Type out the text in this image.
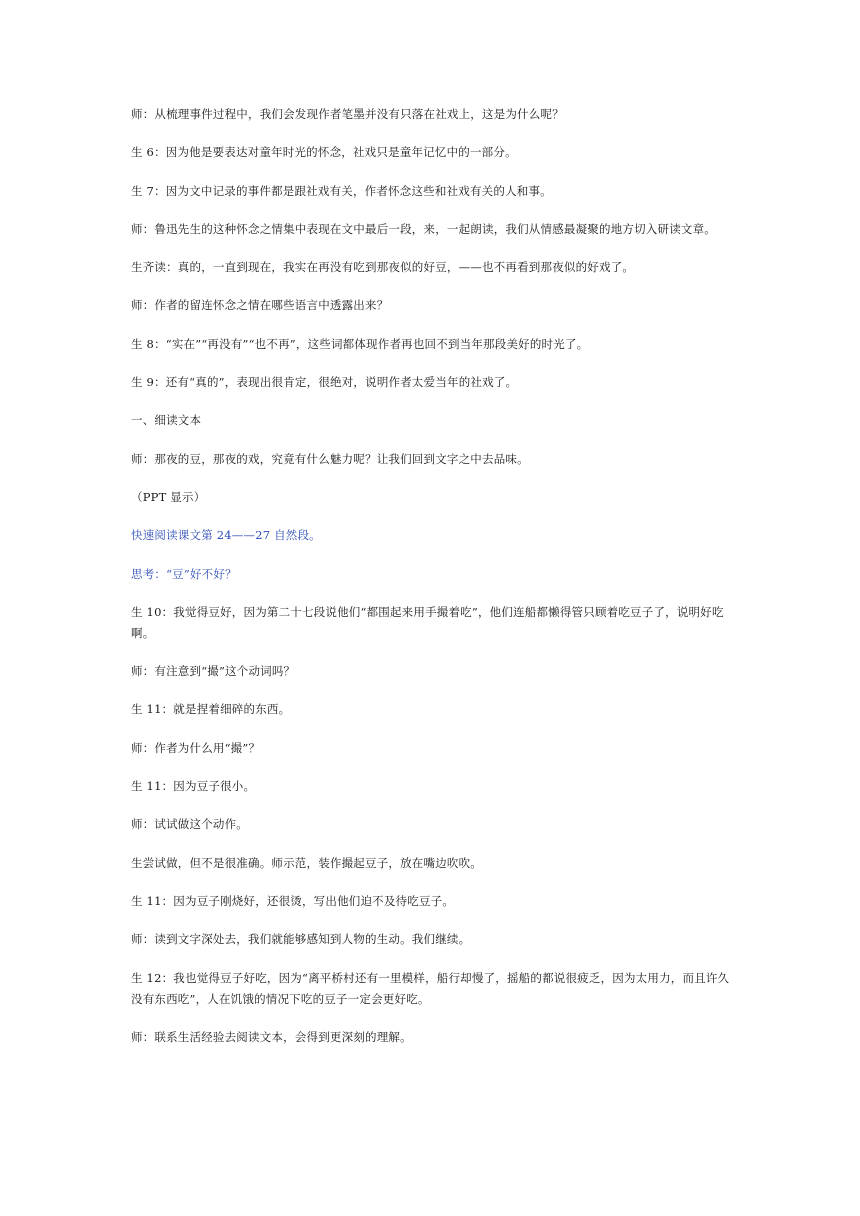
师：从梳理事件过程中，我们会发现作者笔墨并没有只落在社戏上，这是为什么呢？

生 6：因为他是要表达对童年时光的怀念，社戏只是童年记忆中的一部分。

生 7：因为文中记录的事件都是跟社戏有关，作者怀念这些和社戏有关的人和事。

师：鲁迅先生的这种怀念之情集中表现在文中最后一段，来，一起朗读，我们从情感最凝聚的地方切入研读文章。

生齐读：真的，一直到现在，我实在再没有吃到那夜似的好豆，——也不再看到那夜似的好戏了。

师：作者的留连怀念之情在哪些语言中透露出来？

生 8：“实在”“再没有”“也不再”，这些词都体现作者再也回不到当年那段美好的时光了。

生 9：还有“真的”，表现出很肯定，很绝对，说明作者太爱当年的社戏了。

一、细读文本

师：那夜的豆，那夜的戏，究竟有什么魅力呢？让我们回到文字之中去品味。

（PPT 显示）

快速阅读课文第 24——27 自然段。

思考：“豆”好不好？

生 10：我觉得豆好，因为第二十七段说他们“都围起来用手撮着吃”，他们连船都懒得管只顾着吃豆子了，说明好吃啊。

师：有注意到“撮”这个动词吗？

生 11：就是捏着细碎的东西。

师：作者为什么用“撮”？

生 11：因为豆子很小。

师：试试做这个动作。

生尝试做，但不是很准确。师示范，装作撮起豆子，放在嘴边吹吹。

生 11：因为豆子刚烧好，还很烫，写出他们迫不及待吃豆子。

师：读到文字深处去，我们就能够感知到人物的生动。我们继续。

生 12：我也觉得豆子好吃，因为“离平桥村还有一里模样，船行却慢了，摇船的都说很疲乏，因为太用力，而且许久没有东西吃”，人在饥饿的情况下吃的豆子一定会更好吃。

师：联系生活经验去阅读文本，会得到更深刻的理解。
